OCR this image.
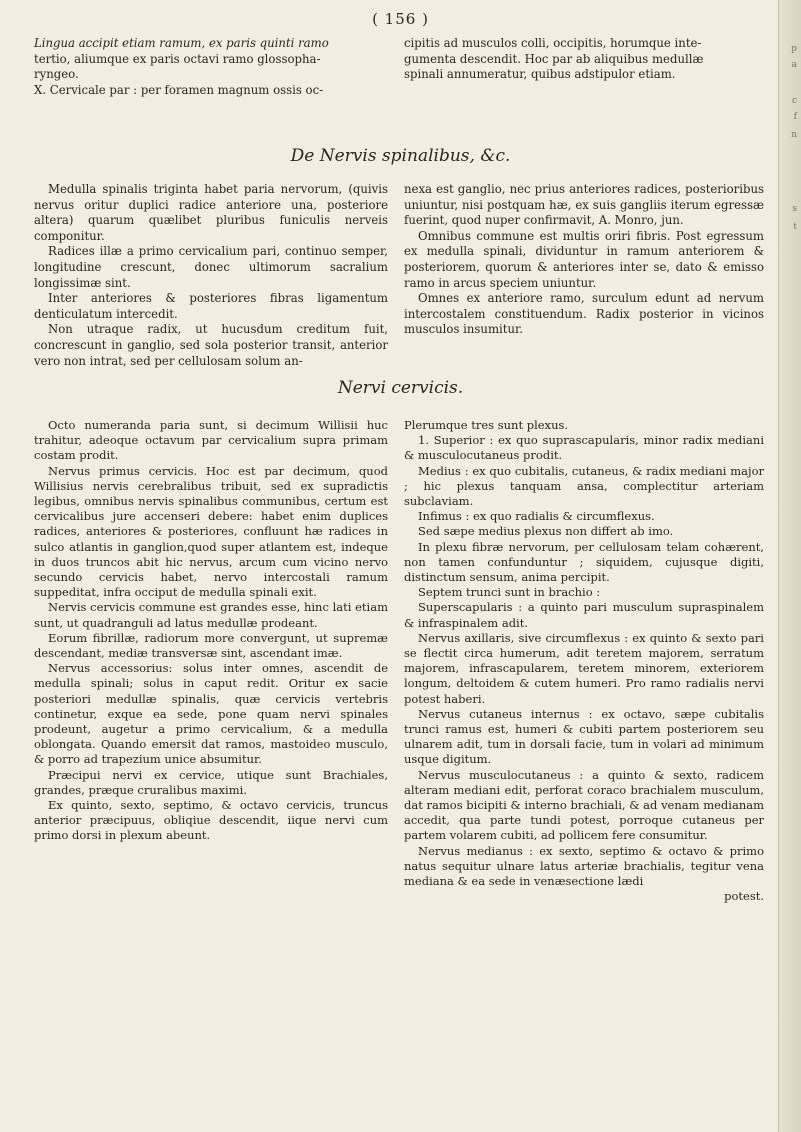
( 156 )

Lingua accipit etiam ramum, ex paris quinti ramo

tertio, aliumque ex paris octavi ramo glossopha-

ryngeo.

X. Cervicale par : per foramen magnum ossis oc-

cipitis ad musculos colli, occipitis, horumque inte-

gumenta descendit. Hoc par ab aliquibus medullæ

spinali annumeratur, quibus adstipulor etiam.

De Nervis spinalibus, &c.

Medulla spinalis triginta habet paria nervorum, (quivis nervus oritur duplici radice anteriore una, posteriore altera) quarum quælibet pluribus funiculis nerveis componitur.

Radices illæ a primo cervicalium pari, continuo semper, longitudine crescunt, donec ultimorum sacralium longissimæ sint.

Inter anteriores & posteriores fibras ligamentum denticulatum intercedit.

Non utraque radix, ut hucusdum creditum fuit, concrescunt in ganglio, sed sola posterior transit, anterior vero non intrat, sed per cellulosam solum an-

nexa est ganglio, nec prius anteriores radices, posterioribus uniuntur, nisi postquam hæ, ex suis gangliis iterum egressæ fuerint, quod nuper confirmavit, A. Monro, jun.

Omnibus commune est multis oriri fibris. Post egressum ex medulla spinali, dividuntur in ramum anteriorem & posteriorem, quorum & anteriores inter se, dato & emisso ramo in arcus speciem uniuntur.

Omnes ex anteriore ramo, surculum edunt ad nervum intercostalem constituendum. Radix posterior in vicinos musculos insumitur.

Nervi cervicis.

Octo numeranda paria sunt, si decimum Willisii huc trahitur, adeoque octavum par cervicalium supra primam costam prodit.

Nervus primus cervicis. Hoc est par decimum, quod Willisius nervis cerebralibus tribuit, sed ex supradictis legibus, omnibus nervis spinalibus communibus, certum est cervicalibus jure accenseri debere: habet enim duplices radices, anteriores & posteriores, confluunt hæ radices in sulco atlantis in ganglion,quod super atlantem est, indeque in duos truncos abit hic nervus, arcum cum vicino nervo secundo cervicis habet, nervo intercostali ramum suppeditat, infra occiput de medulla spinali exit.

Nervis cervicis commune est grandes esse, hinc lati etiam sunt, ut quadranguli ad latus medullæ prodeant.

Eorum fibrillæ, radiorum more convergunt, ut supremæ descendant, mediæ transversæ sint, ascendant imæ.

Nervus accessorius: solus inter omnes, ascendit de medulla spinali; solus in caput redit. Oritur ex sacie posteriori medullæ spinalis, quæ cervicis vertebris continetur, exque ea sede, pone quam nervi spinales prodeunt, augetur a primo cervicalium, & a medulla oblongata. Quando emersit dat ramos, mastoideo musculo, & porro ad trapezium unice absumitur.

Præcipui nervi ex cervice, utique sunt Brachiales, grandes, præque cruralibus maximi.

Ex quinto, sexto, septimo, & octavo cervicis, truncus anterior præcipuus, obliqiue descendit, iique nervi cum primo dorsi in plexum abeunt.

Plerumque tres sunt plexus.

1. Superior : ex quo suprascapularis, minor radix mediani & musculocutaneus prodit.

Medius : ex quo cubitalis, cutaneus, & radix mediani major ; hic plexus tanquam ansa, complectitur arteriam subclaviam.

Infimus : ex quo radialis & circumflexus.

Sed sæpe medius plexus non differt ab imo.

In plexu fibræ nervorum, per cellulosam telam cohærent, non tamen confunduntur ; siquidem, cujusque digiti, distinctum sensum, anima percipit.

Septem trunci sunt in brachio :

Superscapularis : a quinto pari musculum supraspinalem & infraspinalem adit.

Nervus axillaris, sive circumflexus : ex quinto & sexto pari se flectit circa humerum, adit teretem majorem, serratum majorem, infrascapularem, teretem minorem, exteriorem longum, deltoidem & cutem humeri. Pro ramo radialis nervi potest haberi.

Nervus cutaneus internus : ex octavo, sæpe cubitalis trunci ramus est, humeri & cubiti partem posteriorem seu ulnarem adit, tum in dorsali facie, tum in volari ad minimum usque digitum.

Nervus musculocutaneus : a quinto & sexto, radicem alteram mediani edit, perforat coraco brachialem musculum, dat ramos bicipiti & interno brachiali, & ad venam medianam accedit, qua parte tundi potest, porroque cutaneus per partem volarem cubiti, ad pollicem fere consumitur.

Nervus medianus : ex sexto, septimo & octavo & primo natus sequitur ulnare latus arteriæ brachialis, tegitur vena mediana & ea sede in venæsectione lædi

potest.

p
a
c
f
n
s
t
